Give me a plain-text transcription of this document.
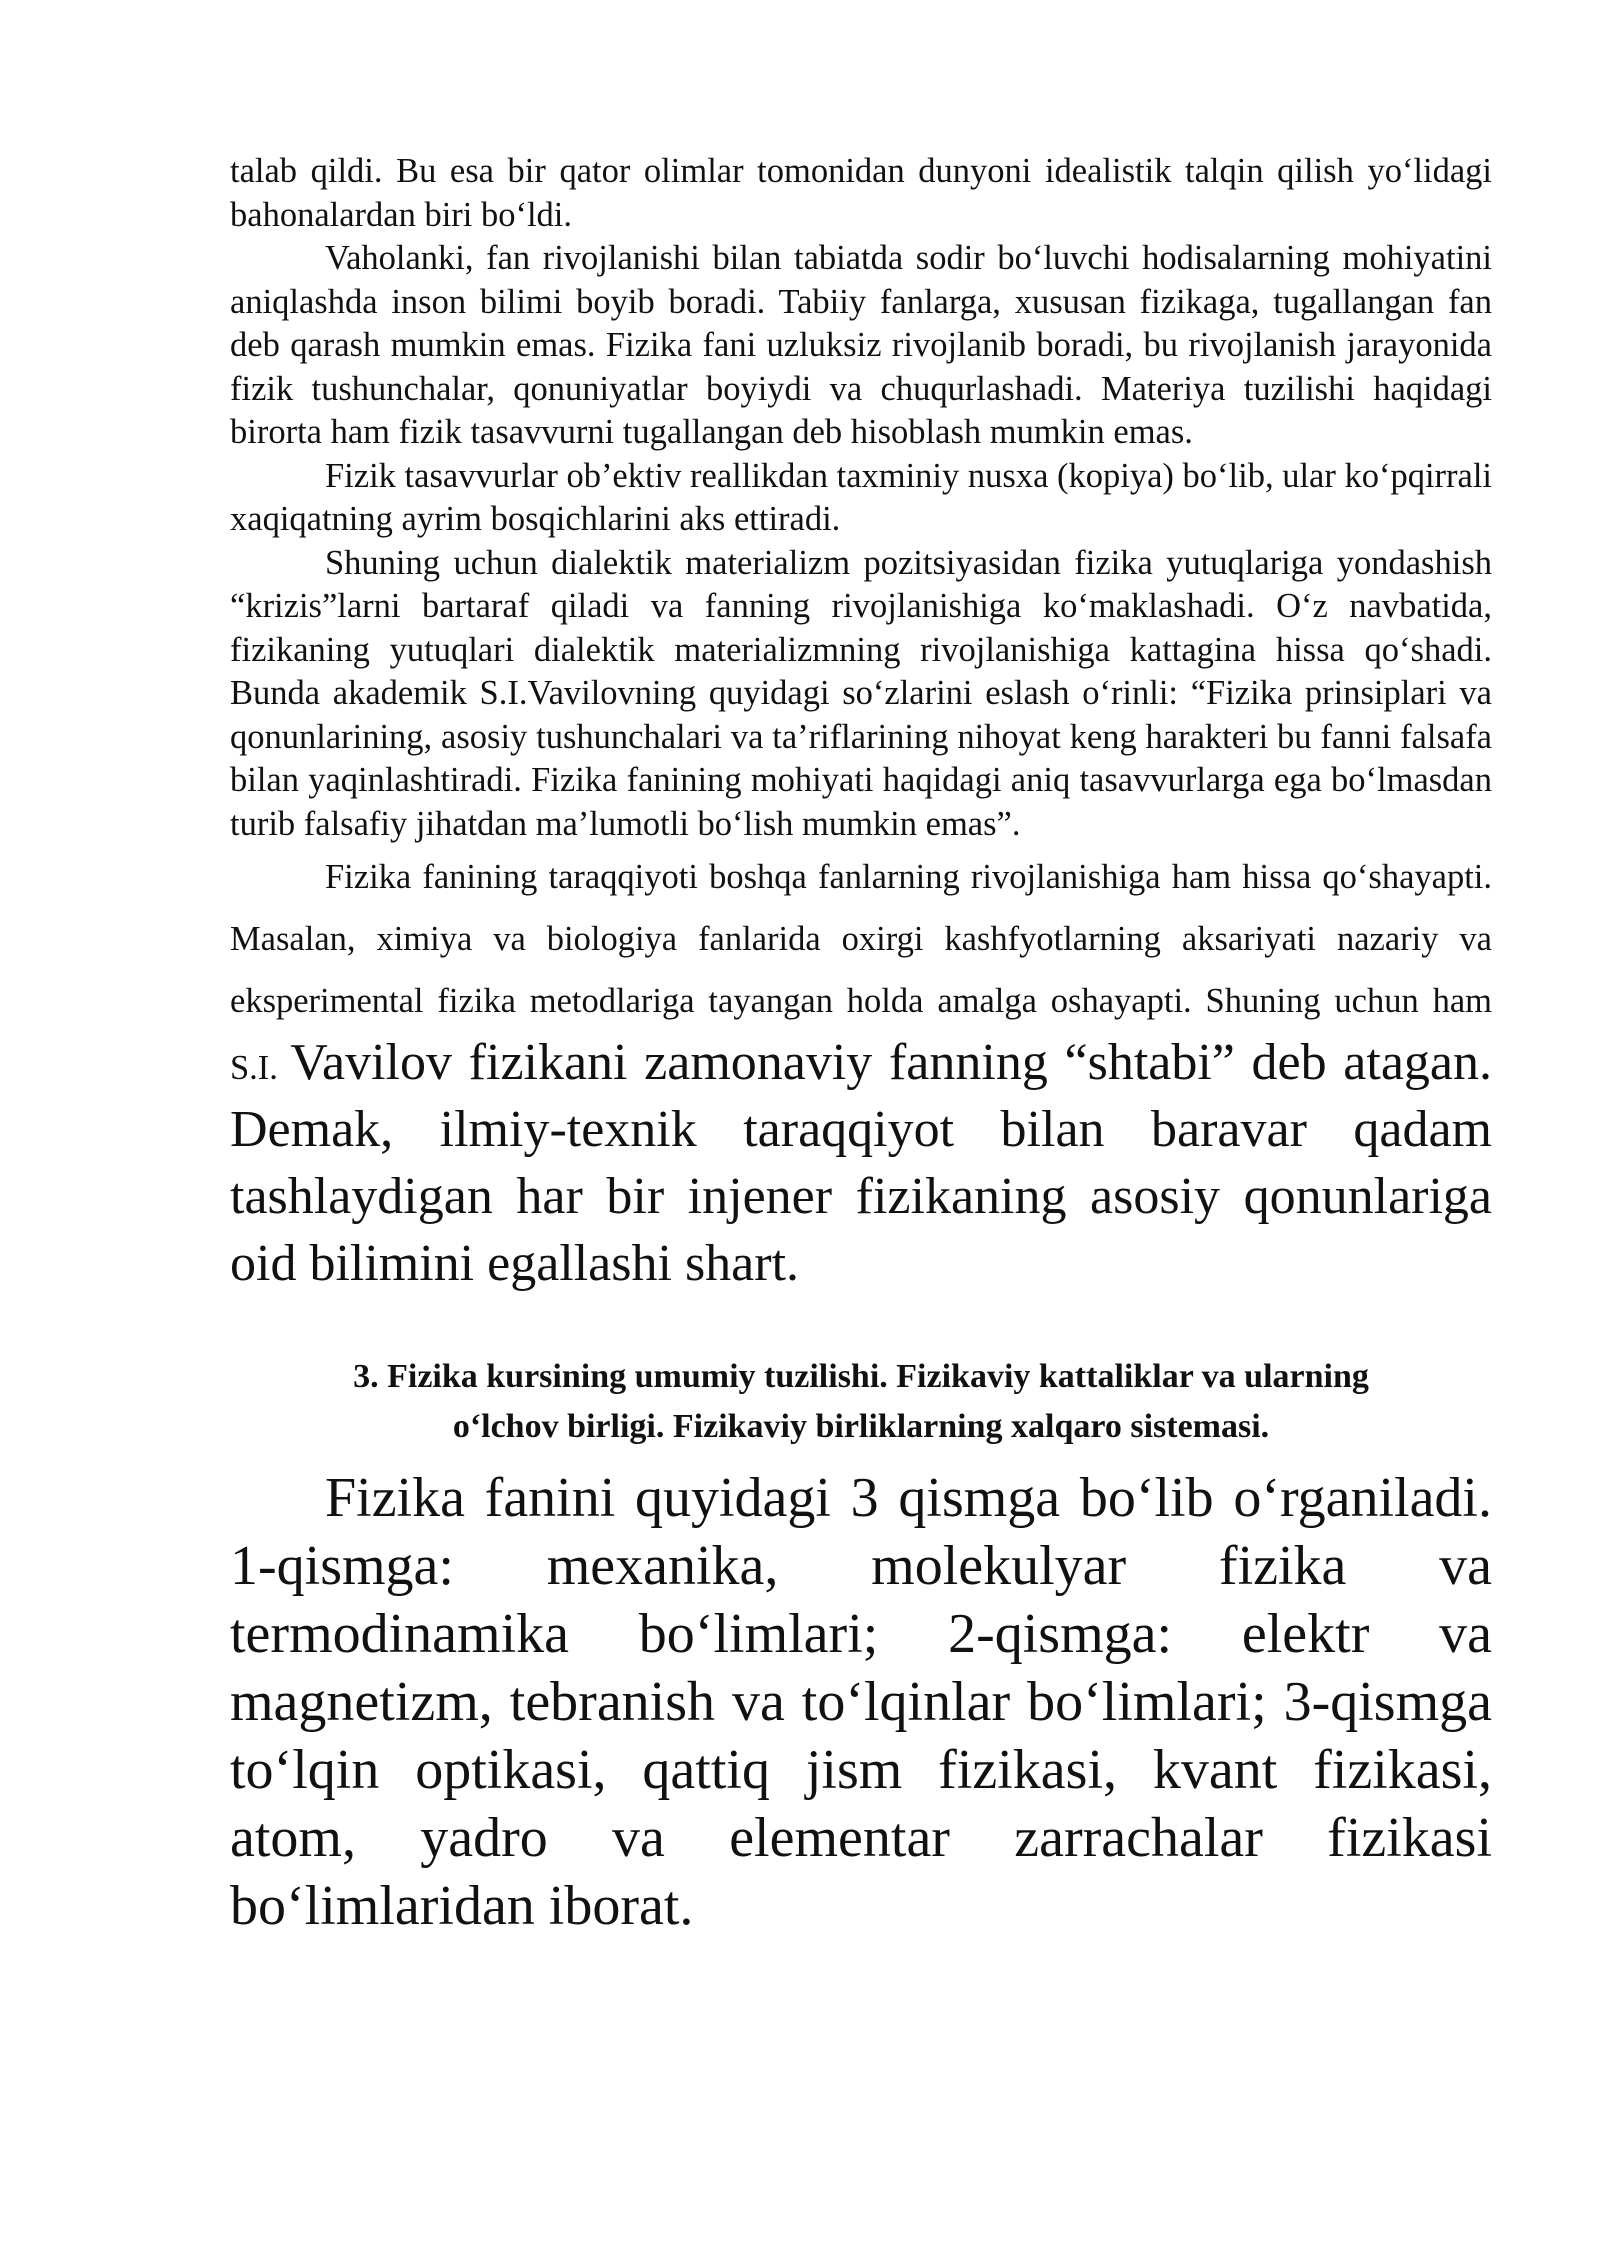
talab qildi. Bu esa bir qator olimlar tomonidan dunyoni idealistik talqin qilish yo‘lidagi bahonalardan biri bo‘ldi.

Vaholanki, fan rivojlanishi bilan tabiatda sodir bo‘luvchi hodisalarning mohiyatini aniqlashda inson bilimi boyib boradi. Tabiiy fanlarga, xususan fizikaga, tugallangan fan deb qarash mumkin emas. Fizika fani uzluksiz rivojlanib boradi, bu rivojlanish jarayonida fizik tushunchalar, qonuniyatlar boyiydi va chuqurlashadi. Materiya tuzilishi haqidagi birorta ham fizik tasavvurni tugallangan deb hisoblash mumkin emas.

Fizik tasavvurlar ob’ektiv reallikdan taxminiy nusxa (kopiya) bo‘lib, ular ko‘pqirrali xaqiqatning ayrim bosqichlarini aks ettiradi.

Shuning uchun dialektik materializm pozitsiyasidan fizika yutuqlariga yondashish “krizis”larni bartaraf qiladi va fanning rivojlanishiga ko‘maklashadi. O‘z navbatida, fizikaning yutuqlari dialektik materializmning rivojlanishiga kattagina hissa qo‘shadi. Bunda akademik S.I.Vavilovning quyidagi so‘zlarini eslash o‘rinli: “Fizika prinsiplari va qonunlarining, asosiy tushunchalari va ta’riflarining nihoyat keng harakteri bu fanni falsafa bilan yaqinlashtiradi. Fizika fanining mohiyati haqidagi aniq tasavvurlarga ega bo‘lmasdan turib falsafiy jihatdan ma’lumotli bo‘lish mumkin emas”.

Fizika fanining taraqqiyoti boshqa fanlarning rivojlanishiga ham hissa qo‘shayapti. Masalan, ximiya va biologiya fanlarida oxirgi kashfyotlarning aksariyati nazariy va eksperimental fizika metodlariga tayangan holda amalga oshayapti. Shuning uchun ham S.I. Vavilov fizikani zamonaviy fanning “shtabi” deb atagan. Demak, ilmiy-texnik taraqqiyot bilan baravar qadam tashlaydigan har bir injener fizikaning asosiy qonunlariga oid bilimini egallashi shart.

3. Fizika kursining umumiy tuzilishi. Fizikaviy kattaliklar va ularning
o‘lchov birligi. Fizikaviy birliklarning xalqaro sistemasi.

Fizika fanini quyidagi 3 qismga bo‘lib o‘rganiladi. 1-qismga: mexanika, molekulyar fizika va termodinamika bo‘limlari; 2-qismga: elektr va magnetizm, tebranish va to‘lqinlar bo‘limlari; 3-qismga to‘lqin optikasi, qattiq jism fizikasi, kvant fizikasi, atom, yadro va elementar zarrachalar fizikasi bo‘limlaridan iborat.
